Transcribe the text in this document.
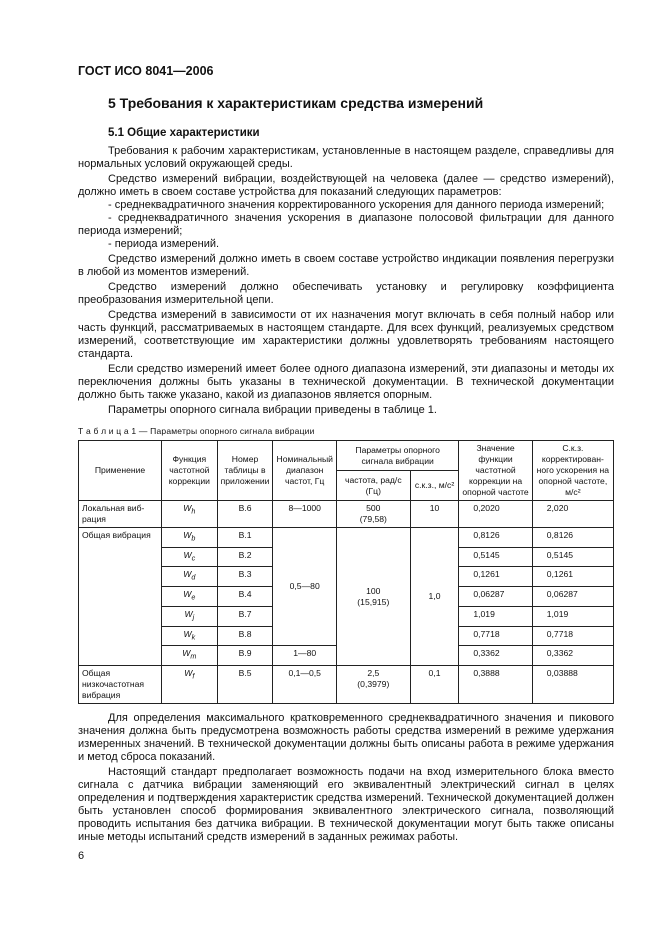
ГОСТ ИСО 8041—2006
5 Требования к характеристикам средства измерений
5.1 Общие характеристики

Требования к рабочим характеристикам, установленные в настоящем разделе, справедливы для нормальных условий окружающей среды.

Средство измерений вибрации, воздействующей на человека (далее — средство измерений), должно иметь в своем составе устройства для показаний следующих параметров:

- среднеквадратичного значения корректированного ускорения для данного периода измерений;

- среднеквадратичного значения ускорения в диапазоне полосовой фильтрации для данного периода измерений;

- периода измерений.

Средство измерений должно иметь в своем составе устройство индикации появления перегрузки в любой из моментов измерений.

Средство измерений должно обеспечивать установку и регулировку коэффициента преобразования измерительной цепи.

Средства измерений в зависимости от их назначения могут включать в себя полный набор или часть функций, рассматриваемых в настоящем стандарте. Для всех функций, реализуемых средством измерений, соответствующие им характеристики должны удовлетворять требованиям настоящего стандарта.

Если средство измерений имеет более одного диапазона измерений, эти диапазоны и методы их переключения должны быть указаны в технической документации. В технической документации должно быть также указано, какой из диапазонов является опорным.

Параметры опорного сигнала вибрации приведены в таблице 1.

Т а б л и ц а 1 — Параметры опорного сигнала вибрации
Применение	Функция частотной коррекции	Номер таблицы в приложении	Номинальный диапазон частот, Гц	Параметры опорного сигнала вибрации		Значение функции частотной коррекции на опорной частоте	С.к.з. корректированного ускорения на опорной частоте, м/с²
				частота, рад/с (Гц)	с.к.з., м/с²		
Локальная вибрация	$W_h$	В.6	8—1000	500
(79,58)	10	0,2020	2,020
Общая вибрация	$W_b$	В.1	0,5—80	100
(15,915)	1,0	0,8126	0,8126
	$W_c$	В.2				0,5145	0,5145
	$W_d$	В.3				0,1261	0,1261
	$W_e$	В.4				0,06287	0,06287
	$W_j$	В.7				1,019	1,019
	$W_k$	В.8				0,7718	0,7718
	$W_m$	В.9	1—80			0,3362	0,3362
Общая низкочастотная вибрация	$W_f$	В.5	0,1—0,5	2,5
(0,3979)	0,1	0,3888	0,03888

Для определения максимального кратковременного среднеквадратичного значения и пикового значения должна быть предусмотрена возможность работы средства измерений в режиме удержания измеренных значений. В технической документации должны быть описаны работа в режиме удержания и метод сброса показаний.

Настоящий стандарт предполагает возможность подачи на вход измерительного блока вместо сигнала с датчика вибрации заменяющий его эквивалентный электрический сигнал в целях определения и подтверждения характеристик средства измерений. Технической документацией должен быть установлен способ формирования эквивалентного электрического сигнала, позволяющий проводить испытания без датчика вибрации. В технической документации могут быть также описаны иные методы испытаний средств измерений в заданных режимах работы.

6
